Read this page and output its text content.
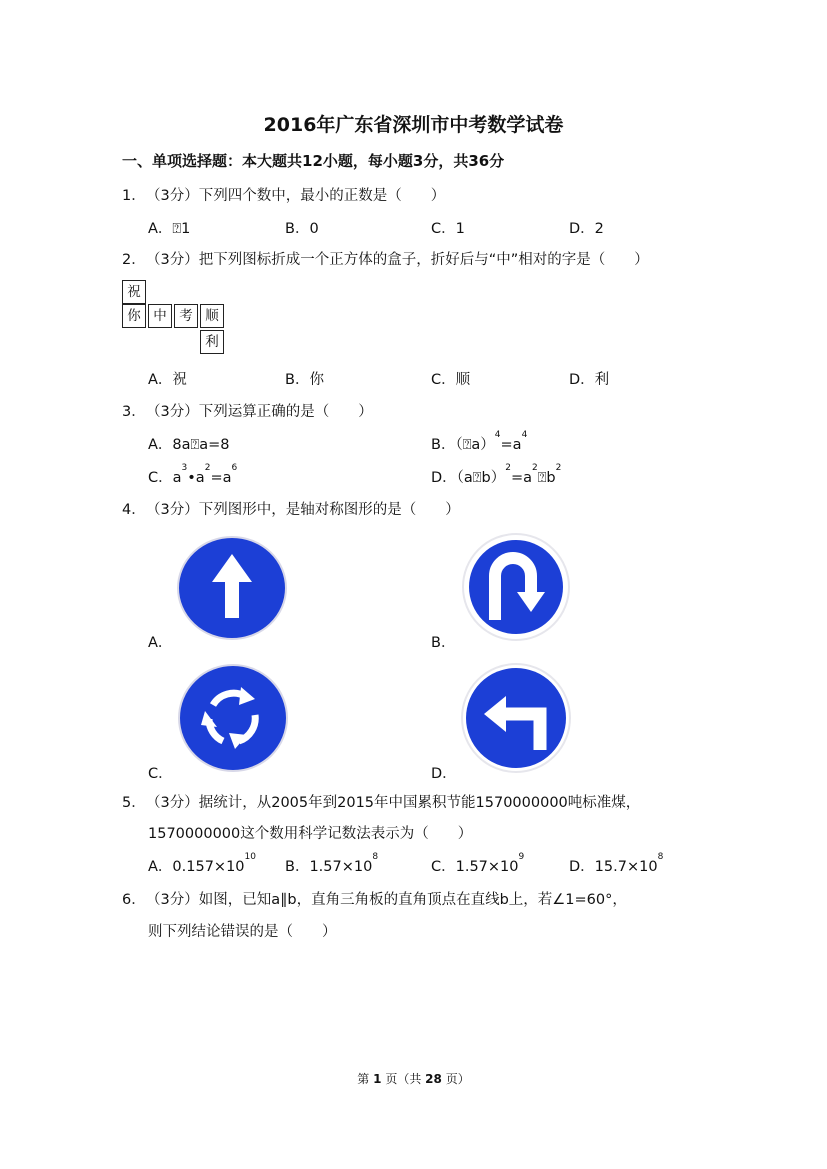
2016年广东省深圳市中考数学试卷
一、单项选择题：本大题共12小题，每小题3分，共36分
1．（3分）下列四个数中，最小的正数是（　　）
A．⍰1	B．0	C．1	D．2
2．（3分）把下列图标折成一个正方体的盒子，折好后与“中”相对的字是（　　）
祝
你 中 考 顺
利
A．祝	B．你	C．顺	D．利
3．（3分）下列运算正确的是（　　）
A．8a⍰a=8	B．$(⍰a)^4=a^4$
C．$a^3•a^2=a^6$
D．$(a⍰b)^2=a^2⍰b^2$
4．（3分）下列图形中，是轴对称图形的是（　　）
A．	B．
C．	D．
5．（3分）据统计，从2005年到2015年中国累积节能1570000000吨标准煤，
1570000000这个数用科学记数法表示为（　　）
A．$0.157\times 10^{10}$
B．$1.57\times 10^8$
C．$1.57\times 10^9$
D．$15.7\times 10^8$
6．（3分）如图，已知a∥b，直角三角板的直角顶点在直线b上，若∠1=60°，
则下列结论错误的是（　　）
第 1 页（共 28 页）
